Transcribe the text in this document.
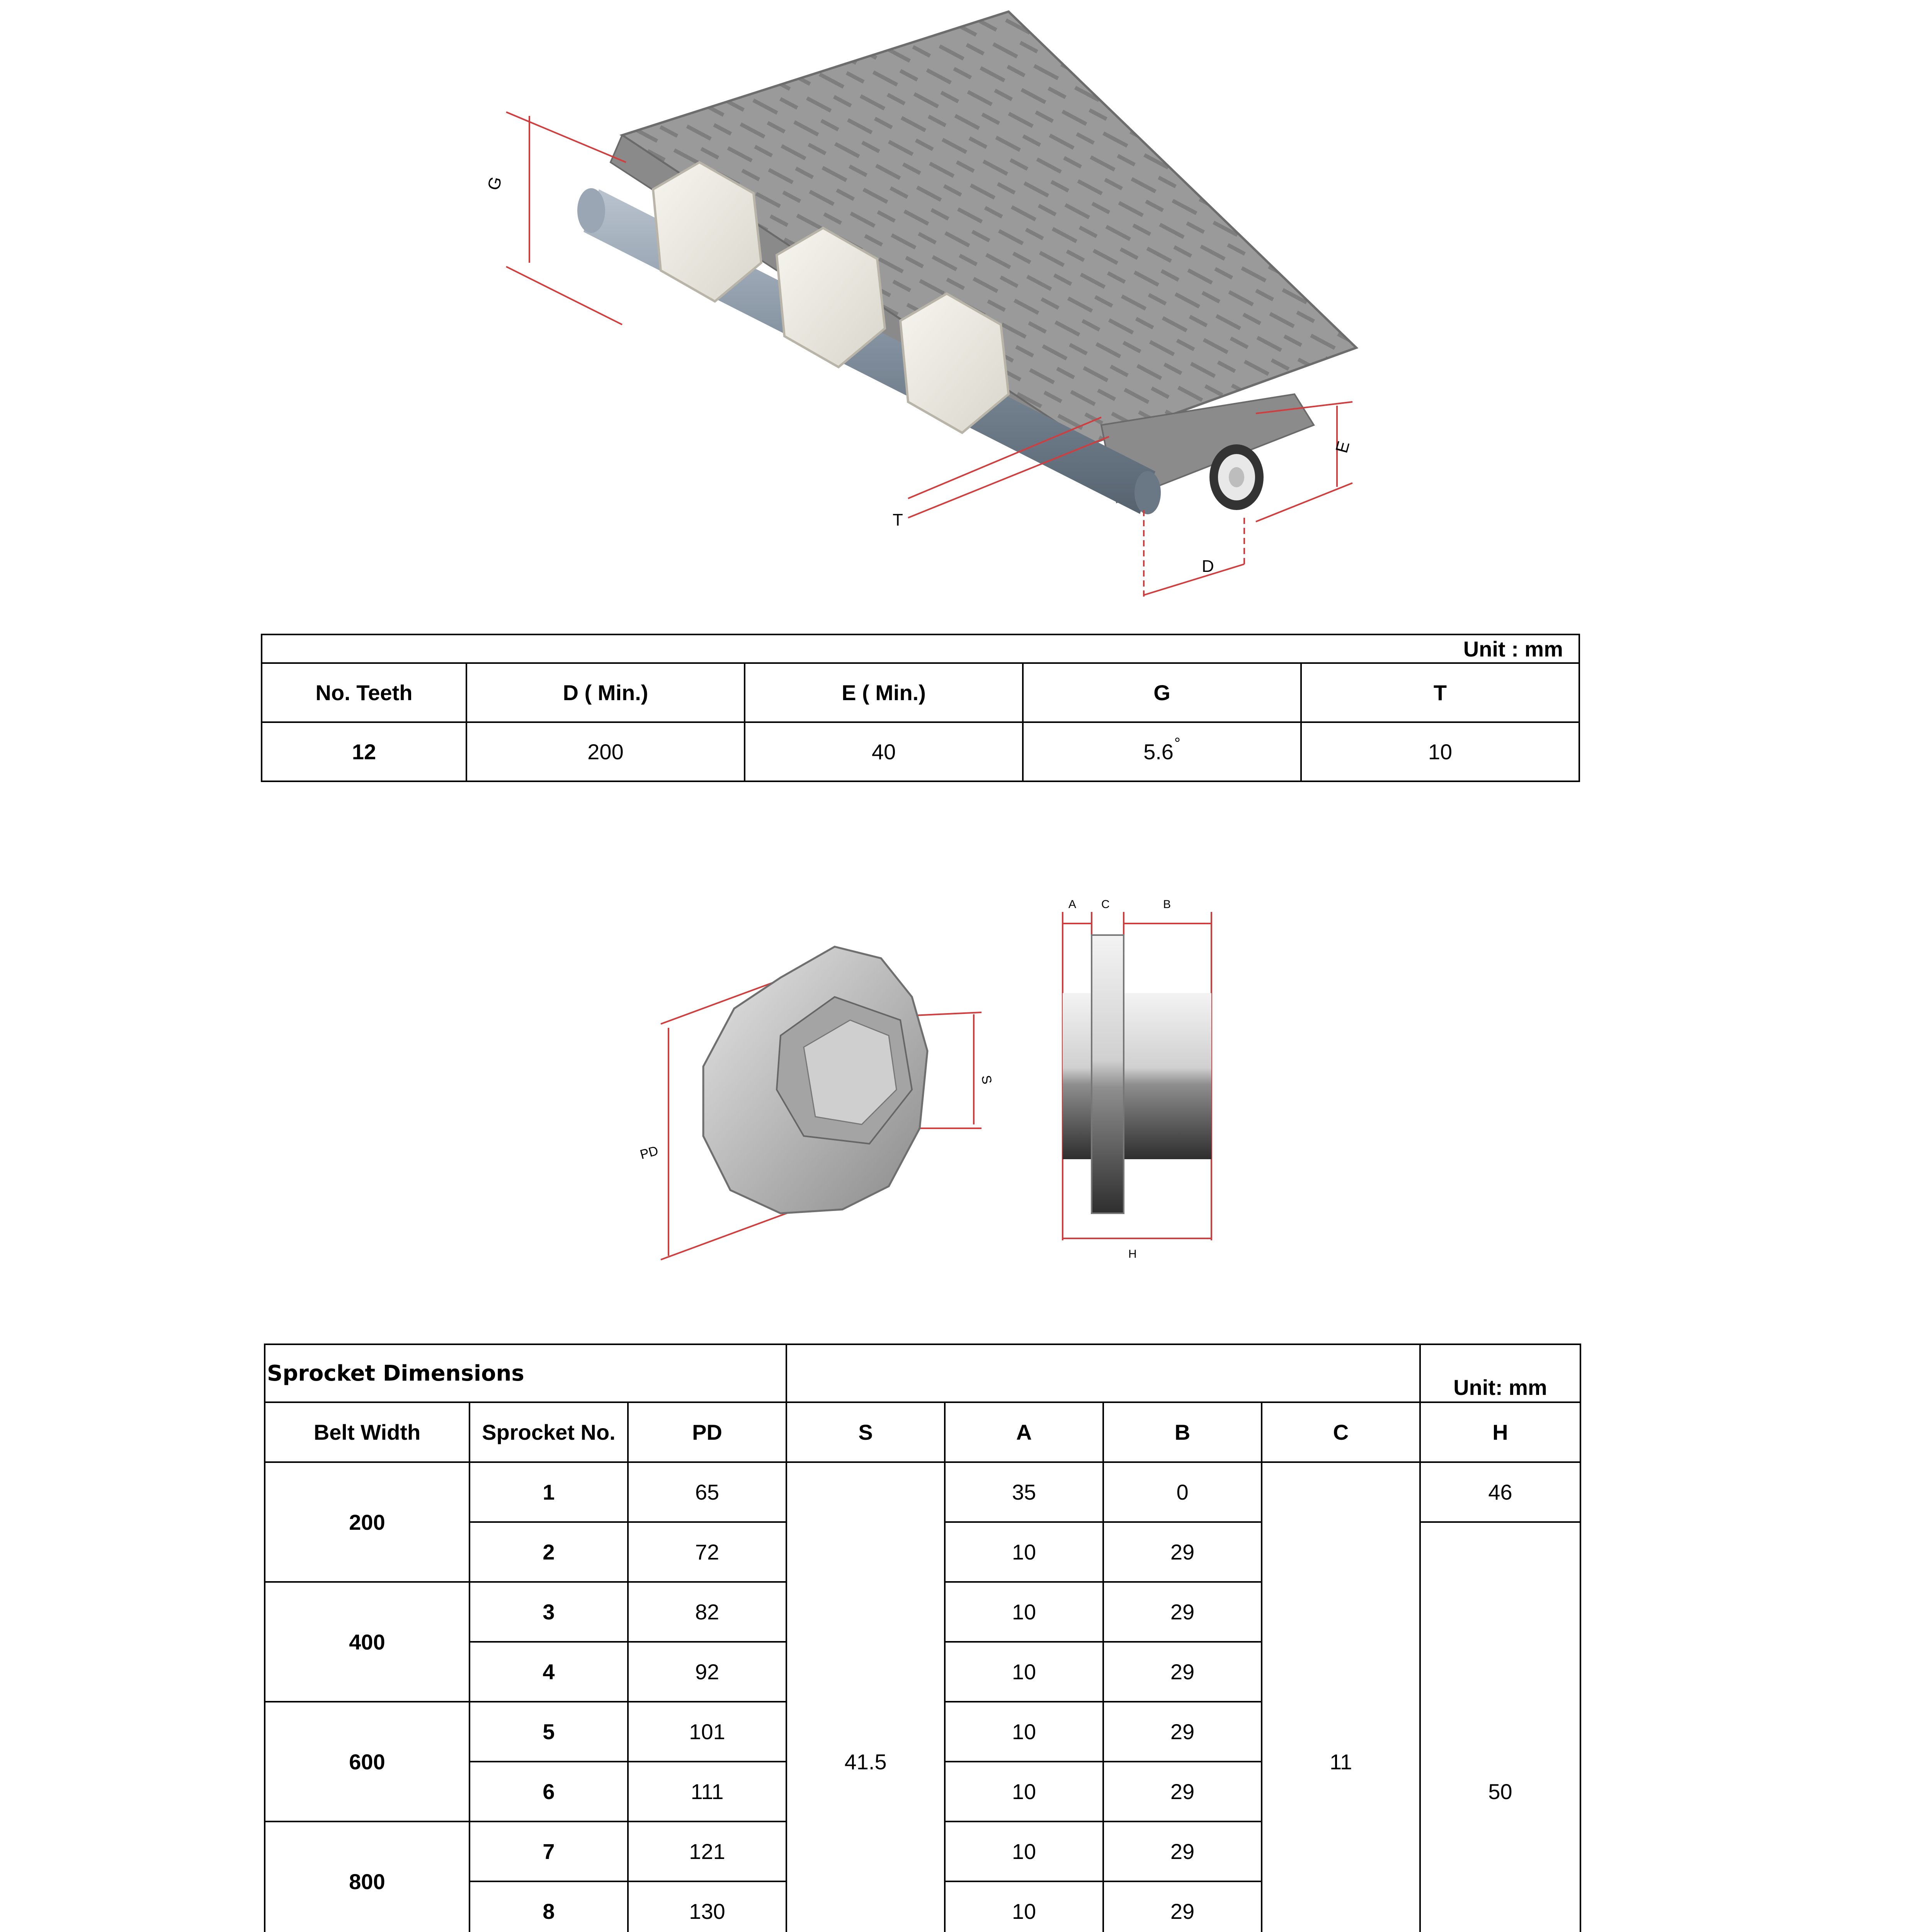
G
E
T
D
Unit : mm				
No. Teeth	D ( Min.)	E ( Min.)	G	T
12	200	40	5.6°	10
S
PD
A C	B
H
Sprocket Dimensions							Unit: mm
Belt Width	Sprocket No.	PD	S	A	B	C	H
200	1	65	41.5	35	0	11	46
	2	72		10	29		50
400	3	82		10	29		
	4	92		10	29		
600	5	101		10	29		
	6	111		10	29		
800	7	121		10	29		
	8	130		10	29		
